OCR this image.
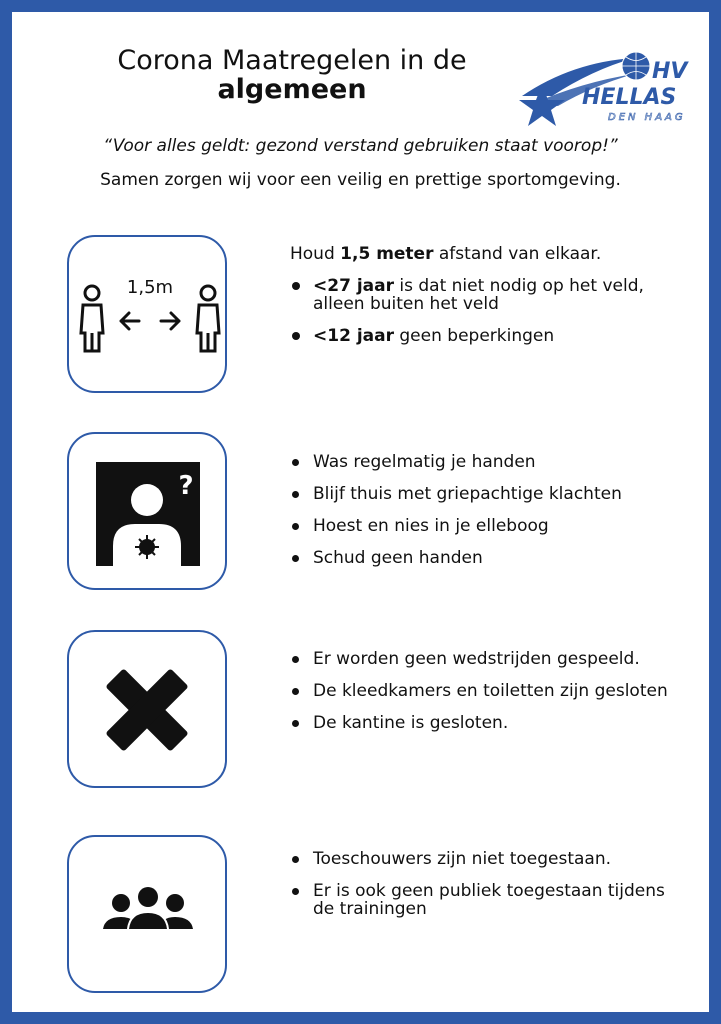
Corona Maatregelen in de
algemeen
HV
HELLAS
DEN HAAG
“Voor alles geldt: gezond verstand gebruiken staat voorop!”
Samen zorgen wij voor een veilig en prettige sportomgeving.
1,5m
Houd 1,5 meter afstand van elkaar.
<27 jaar is dat niet nodig op het veld, alleen buiten het veld
<12 jaar geen beperkingen
?
Was regelmatig je handen
Blijf thuis met griepachtige klachten
Hoest en nies in je elleboog
Schud geen handen
Er worden geen wedstrijden gespeeld.
De kleedkamers en toiletten zijn gesloten
De kantine is gesloten.
Toeschouwers zijn niet toegestaan.
Er is ook geen publiek toegestaan tijdens de trainingen
